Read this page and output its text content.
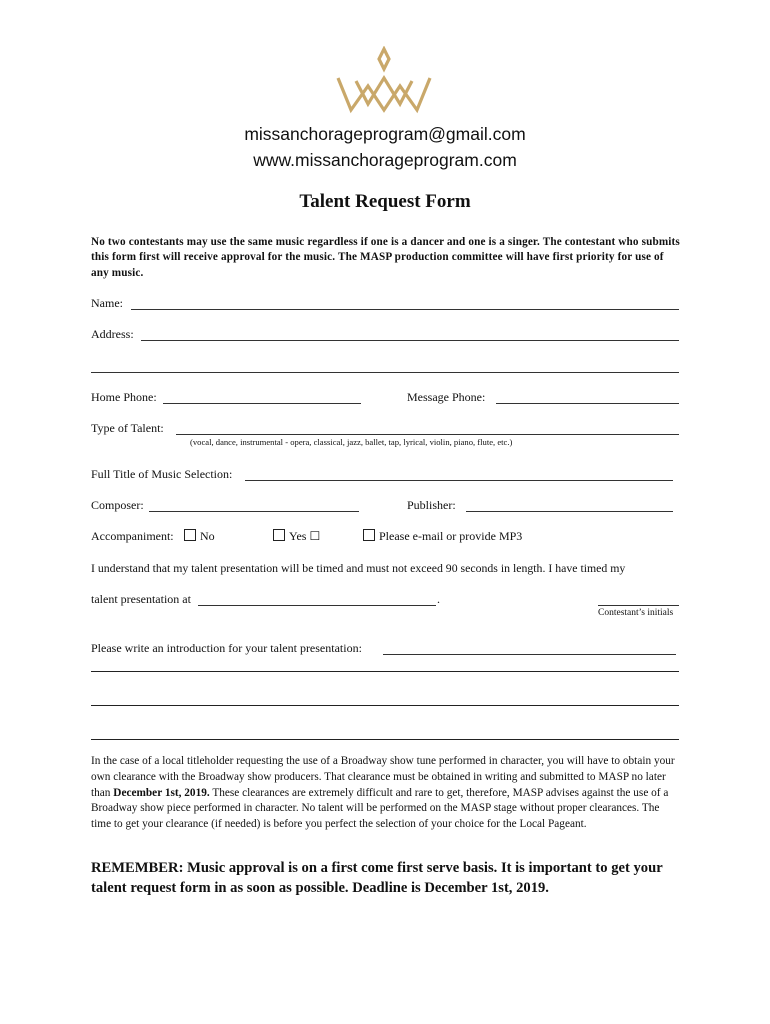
missanchorageprogram@gmail.com
www.missanchorageprogram.com
Talent Request Form
No two contestants may use the same music regardless if one is a dancer and one is a singer. The contestant who submits this form first will receive approval for the music. The MASP production committee will have first priority for use of any music.
Name:
Address:
Home Phone:	Message Phone:
Type of Talent:
(vocal, dance, instrumental - opera, classical, jazz, ballet, tap, lyrical, violin, piano, flute, etc.)
Full Title of Music Selection:
Composer:	Publisher:
Accompaniment:	No	Yes ☐	Please e-mail or provide MP3
I understand that my talent presentation will be timed and must not exceed 90 seconds in length. I have timed my
talent presentation at	.
Contestant’s initials
Please write an introduction for your talent presentation:
In the case of a local titleholder requesting the use of a Broadway show tune performed in character, you will have to obtain your own clearance with the Broadway show producers. That clearance must be obtained in writing and submitted to MASP no later than December 1st, 2019. These clearances are extremely difficult and rare to get, therefore, MASP advises against the use of a Broadway show piece performed in character. No talent will be performed on the MASP stage without proper clearances. The time to get your clearance (if needed) is before you perfect the selection of your choice for the Local Pageant.
REMEMBER: Music approval is on a first come first serve basis. It is important to get your talent request form in as soon as possible. Deadline is December 1st, 2019.
